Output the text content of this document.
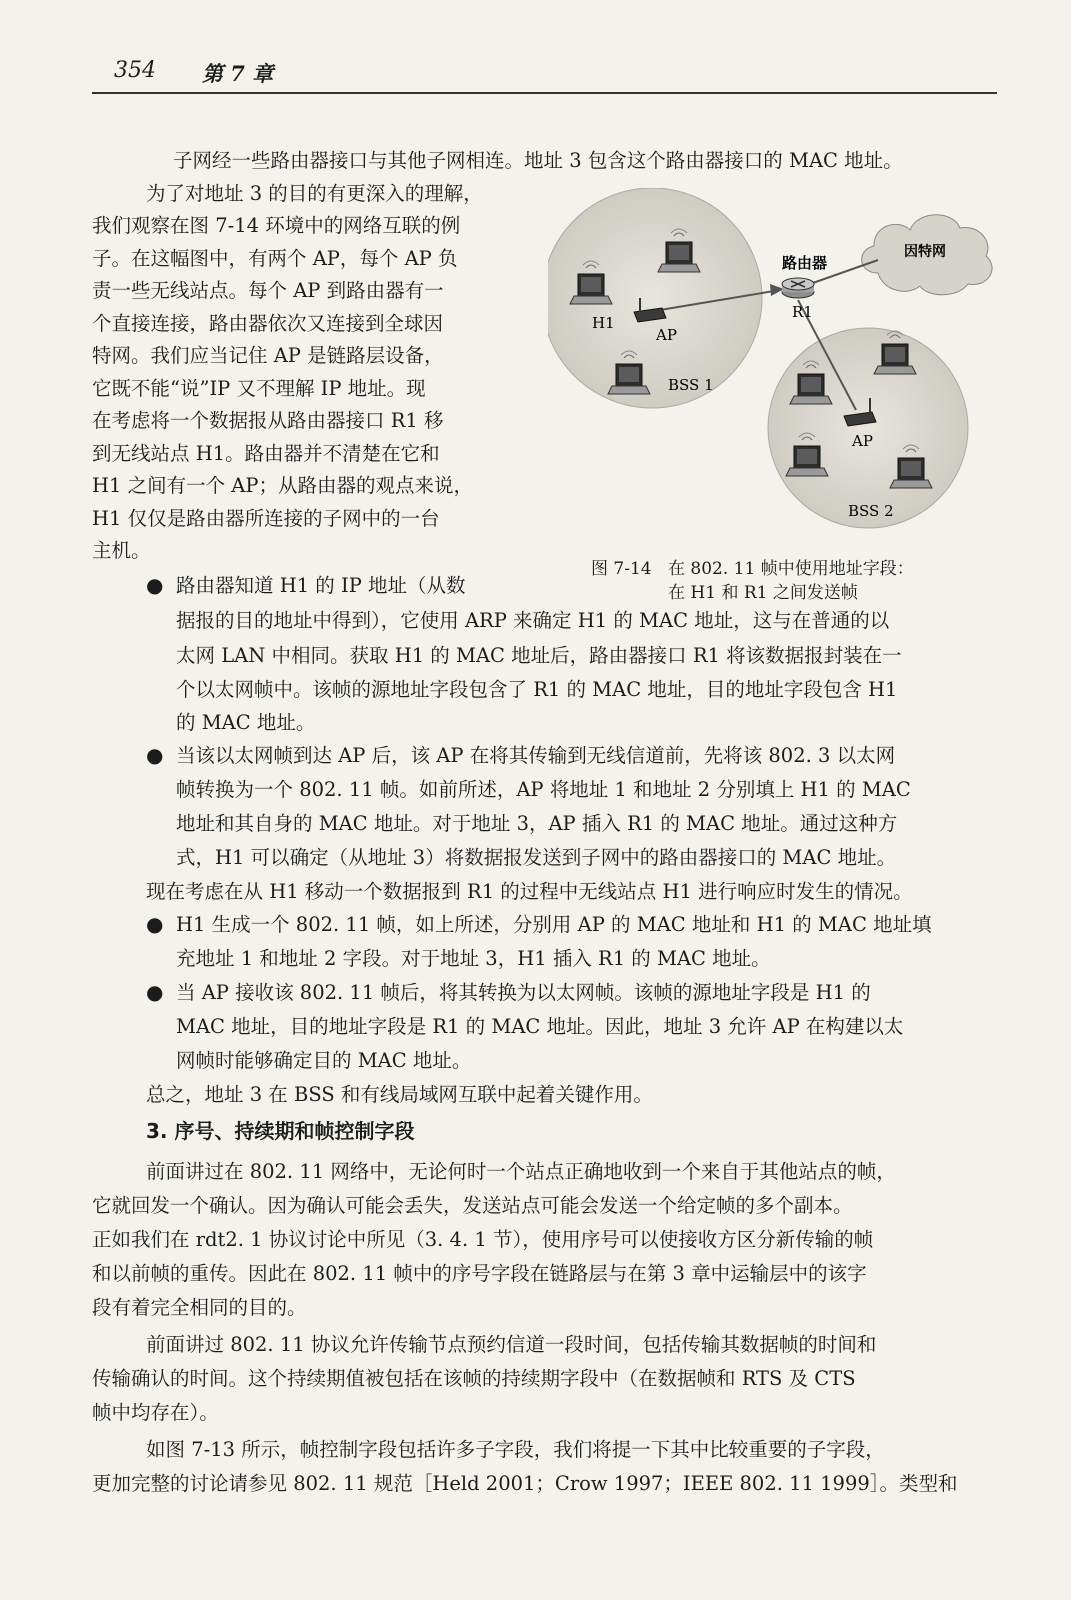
354 第 7 章

子网经一些路由器接口与其他子网相连。地址 3 包含这个路由器接口的 MAC 地址。

为了对地址 3 的目的有更深入的理解，

我们观察在图 7-14 环境中的网络互联的例

子。在这幅图中，有两个 AP，每个 AP 负

责一些无线站点。每个 AP 到路由器有一

个直接连接，路由器依次又连接到全球因

特网。我们应当记住 AP 是链路层设备，

它既不能“说”IP 又不理解 IP 地址。现

在考虑将一个数据报从路由器接口 R1 移

到无线站点 H1。路由器并不清楚在它和

H1 之间有一个 AP；从路由器的观点来说，

H1 仅仅是路由器所连接的子网中的一台

主机。

路由器
因特网
R1
H1
AP
BSS 1
AP
BSS 2
图 7-14 在 802. 11 帧中使用地址字段：
在 H1 和 R1 之间发送帧
● 路由器知道 H1 的 IP 地址（从数

据报的目的地址中得到），它使用 ARP 来确定 H1 的 MAC 地址，这与在普通的以

太网 LAN 中相同。获取 H1 的 MAC 地址后，路由器接口 R1 将该数据报封装在一

个以太网帧中。该帧的源地址字段包含了 R1 的 MAC 地址，目的地址字段包含 H1

的 MAC 地址。

● 当该以太网帧到达 AP 后，该 AP 在将其传输到无线信道前，先将该 802. 3 以太网

帧转换为一个 802. 11 帧。如前所述，AP 将地址 1 和地址 2 分别填上 H1 的 MAC

地址和其自身的 MAC 地址。对于地址 3，AP 插入 R1 的 MAC 地址。通过这种方

式，H1 可以确定（从地址 3）将数据报发送到子网中的路由器接口的 MAC 地址。

现在考虑在从 H1 移动一个数据报到 R1 的过程中无线站点 H1 进行响应时发生的情况。

● H1 生成一个 802. 11 帧，如上所述，分别用 AP 的 MAC 地址和 H1 的 MAC 地址填

充地址 1 和地址 2 字段。对于地址 3，H1 插入 R1 的 MAC 地址。

● 当 AP 接收该 802. 11 帧后，将其转换为以太网帧。该帧的源地址字段是 H1 的

MAC 地址，目的地址字段是 R1 的 MAC 地址。因此，地址 3 允许 AP 在构建以太

网帧时能够确定目的 MAC 地址。

总之，地址 3 在 BSS 和有线局域网互联中起着关键作用。

3. 序号、持续期和帧控制字段

前面讲过在 802. 11 网络中，无论何时一个站点正确地收到一个来自于其他站点的帧，

它就回发一个确认。因为确认可能会丢失，发送站点可能会发送一个给定帧的多个副本。

正如我们在 rdt2. 1 协议讨论中所见（3. 4. 1 节），使用序号可以使接收方区分新传输的帧

和以前帧的重传。因此在 802. 11 帧中的序号字段在链路层与在第 3 章中运输层中的该字

段有着完全相同的目的。

前面讲过 802. 11 协议允许传输节点预约信道一段时间，包括传输其数据帧的时间和

传输确认的时间。这个持续期值被包括在该帧的持续期字段中（在数据帧和 RTS 及 CTS

帧中均存在）。

如图 7-13 所示，帧控制字段包括许多子字段，我们将提一下其中比较重要的子字段，

更加完整的讨论请参见 802. 11 规范［Held 2001；Crow 1997；IEEE 802. 11 1999］。类型和
